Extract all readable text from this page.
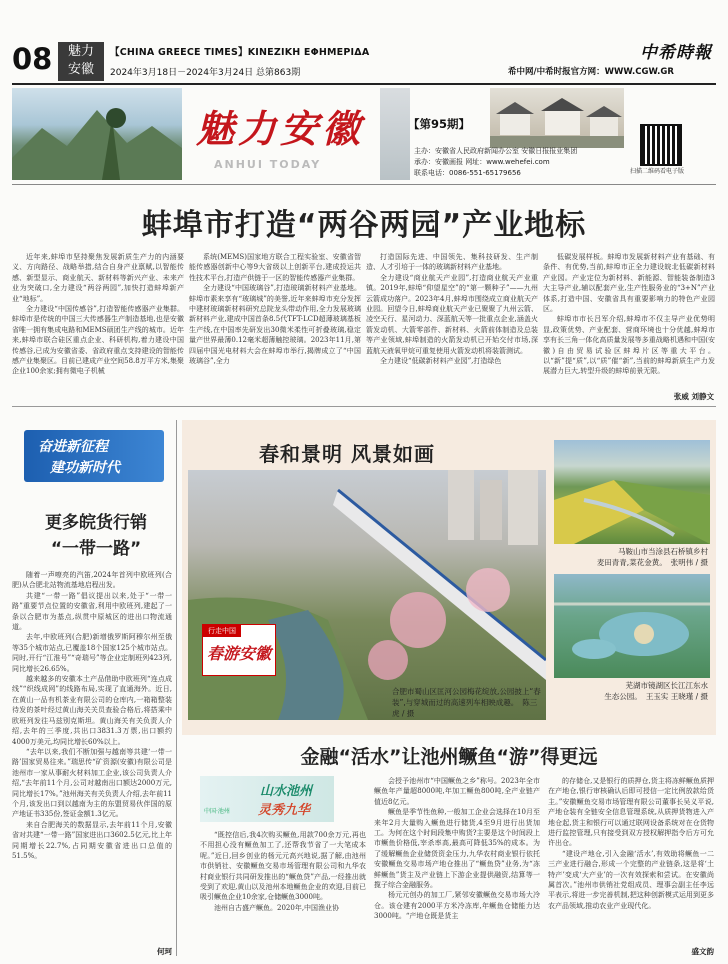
08	魅力
安徽
【CHINA GREECE TIMES】KINEZIKH EΦHMEPIΔA
2024年3月18日－2024年3月24日 总第863期
中希時報
希中网/中希时报官方网：WWW.CGW.GR
魅力安徽
ANHUI TODAY
【第95期】
扫描二维码看电子版
主办：安徽省人民政府新闻办公室 安徽日报报业集团
承办：安徽画报 网址：www.wehefei.com
联系电话：0086-551-65179656
蚌埠市打造“两谷两园”产业地标

近年来,蚌埠市坚持聚焦发展新质生产力的内涵要义、方向路径、战略举措,结合自身产业禀赋,以智能传感、新型显示、商业航天、新材料等新兴产业、未来产业为突破口,全力建设“两谷两园”,加快打造蚌埠新产业“地标”。

全力建设“中国传感谷”,打造智能传感器产业集群。蚌埠市是传统的中国三大传感器生产制造基地,也是安徽省唯一拥有集成电路和MEMS硕团生产线的城市。近年来,蚌埠市联合硅区重点企业、科研机构,着力建设中国传感谷,已成为安徽省委、省政府重点支持建设的智能传感产业集聚区。目前已建成产业空间58.8万平方米,集聚企业100余家;拥有微电子机械

系统(MEMS)国家地方联合工程实验室、安徽省智能传感器创新中心等9大省级以上创新平台,建成投运共性技术平台,打造产供链于一区的智能传感器产业集群。

全力建设“中国玻璃谷”,打造玻璃新材料产业基地。蚌埠市素来享有“玻璃城”的美誉,近年来蚌埠市充分发挥中建材玻璃新材料研究总院龙头带动作用,全力发展玻璃新材料产业,建成中国首条8.5代TFT-LCD超薄玻璃基板生产线,在中国率先研发出30微米柔性可折叠玻璃,稳定量产世界最薄0.12毫米超薄触控玻璃。2023年11月,第四届中国光电材料大会在蚌埠市举行,揭牌成立了“中国玻璃谷”,全力

打造国际先进、中国领先、集科技研发、生产制造、人才引培于一体的玻璃新材料产业基地。

全力建设“商业航天产业园”,打造商业航天产业重镇。2019年,蚌埠“仰望星空”的“第一颗种子”——九州云箭成功落户。2023年4月,蚌埠市围绕成立商业航天产业园。回望今日,蚌埠商业航天产业已聚聚了九州云箭、凌空天行、星河动力、深蓝航天等一批重点企业,涵盖火箭发动机、大箭零部件、新材料、火箭前体制造及总装等产业领域,蚌埠制造的火箭发动机已开始交付市场,深蓝航天液氧甲烷可重复使用火箭发动机将装箭测试。

全力建设“低碳新材料产业园”,打造绿色

低碳发展样板。蚌埠市发展新材料产业有基础、有条件、有优势,当前,蚌埠市正全力建设皖北低碳新材料产业园。产业定位为新材料、新能源、智能装备制造3大主导产业,辅以配套产业,生产性服务业的“3+N”产业体系,打造中国、安徽省具有重要影响力的特色产业园区。

蚌埠市市长吕军介绍,蚌埠市不仅主导产业优势明显,政策优势、产业配套、营商环境也十分优越,蚌埠市享有长三角一体化高质量发展等多重战略机遇和中国(安徽)自由贸易试验区蚌埠片区等重大平台。以“新”提“质”,以“质”催“新”,当前的蚌埠新质生产力发展潜力巨大,转型升级的蚌埠前景无限。

张威 刘静文
奋进新征程
建功新时代
更多皖货行销
“一带一路”

随着一声嘹亮的汽笛,2024年首列中欧班列(合肥)从合肥北站物流基地启程出发。

共建“一带一路”倡议提出以来,处于“一带一路”重要节点位置的安徽省,利用中欧班列,建起了一条以合肥市为基点,纵贯中原城区的进出口物流通道。

去年,中欧班列(合肥)新增俄罗斯阿穆尔州至俄等35个城市站点,已覆盖18个国家125个城市站点。同时,开行“江淮号”“奇瑞号”等企业定制班列423列,同比增长26.65%。

越来越多的安徽本土产品借助中欧班列“连点成线”“织线成网”的线路布局,实现了直通海外。近日,在黄山一品有机茶业有限公司的仓库内,一箱箱整装待发的茶叶经过黄山海关关员查验合格后,将搭乘中欧班列发往马兹别克斯坦。黄山海关有关负责人介绍,去年的三季度,共出口3831.3万票,出口额约4000万美元,均同比增长60%以上。

“去年以来,我们不断加强与越南等共建‘一带一路’国家贸易往来。”瑞思传“矿资源(安徽)有限公司是池州市一家从事耐火材料加工企业,该公司负责人介绍,“去年前11个月,公司对越南出口额达2000万元,同比增长17%。”池州海关有关负责人介绍,去年前11个月,该发出口到以越南为主的东盟贸易伙伴国的原产地证书335份,签证金额1.3亿元。

来自合肥海关的数据显示,去年前11个月,安徽省对共建“一带一路”国家进出口3602.5亿元,比上年同期增长22.7%,占同期安徽省进出口总值的51.5%。

何珂
春和景明 风景如画
行走中国
春游安徽
合肥市蜀山区匡河公园梅花绽放,公园披上“春装”,与穿城而过的高速列车相映成趣。 陈三虎 / 摄
马鞍山市当涂县石桥镇乡村
麦田青青,菜花金黄。 张明伟 / 摄
芜湖市镜湖区长江江东水
生态公园。 王玉实 王晓瑾 / 摄
金融“活水”让池州鳜鱼“游”得更远
山水池州
灵秀九华
中国·池州

“既控信后,我4次购买鳜鱼,用款700余万元,再也不用担心没有鳜鱼加工了,还帮我节省了一大笔成本呢。”近日,回乡创业的杨元元高兴地说,据了解,由池州市供销社、安徽鳜鱼交易市场管理有限公司和九华农村商业银行共同研发推出的“鳜鱼贷”产品,一经推出就受到了欢迎,黄山以及池州本地鳜鱼企业的欢迎,目前已吸引鳜鱼企业10余家,仓储鳜鱼3000吨。

池州自古盛产鳜鱼。2020年,中国渔业协

会授予池州市“中国鳜鱼之乡”称号。2023年全市鳜鱼年产量超8000吨,年加工鳜鱼800吨,全产业链产值近8亿元。

鳜鱼是季节性鱼种,一般加工企业会选择在10月至来年2月大量购入鳜鱼进行储货,4至9月进行出货加工。为何在这个时间段集中购货?主要是这个时间段上市鳜鱼价格低,宰杀率高,最高可降低35%的成本。为了缓解鳜鱼企业储货资金压力,九华农村商业银行依托安徽鳜鱼交易市场产地仓推出了“鳜鱼贷”业务,为“冻鲜鳜鱼”货主及产业链上下游企业提供融资,结算等一揽子综合金融服务。

杨元元创办的加工厂,紧邻安徽鳜鱼交易市场大冷仓。该仓建有2000平方米冷冻库,年鳜鱼仓储能力达3000吨。“产地仓既是货主

的存储仓,又是银行的质押仓,货主将冻鲜鳜鱼质押在产地仓,银行审核确认后即可授信一定比例放款给货主。”安徽鳜鱼交易市场管理有限公司董事长吴义平说,产地仓装有全链安全信息管理系统,从质押货物进入产地仓起,货主和银行可以通过联网设备系统对在仓货物进行监控管理,只有接受到双方授权解押指令后方可允许出仓。

“建设产地仓,引入金融‘活水’,有效助将鳜鱼一二三产业进行融合,形成一个完整的产业链条,这是将‘土特产’变成‘大产业’的一次有效探索和尝试。在安徽尚属首次。”池州市供销社党组成员、理事会副主任李远平表示,将进一步完善机制,把这种创新模式运用到更多农产品领域,推动农业产业现代化。

盛文韵
